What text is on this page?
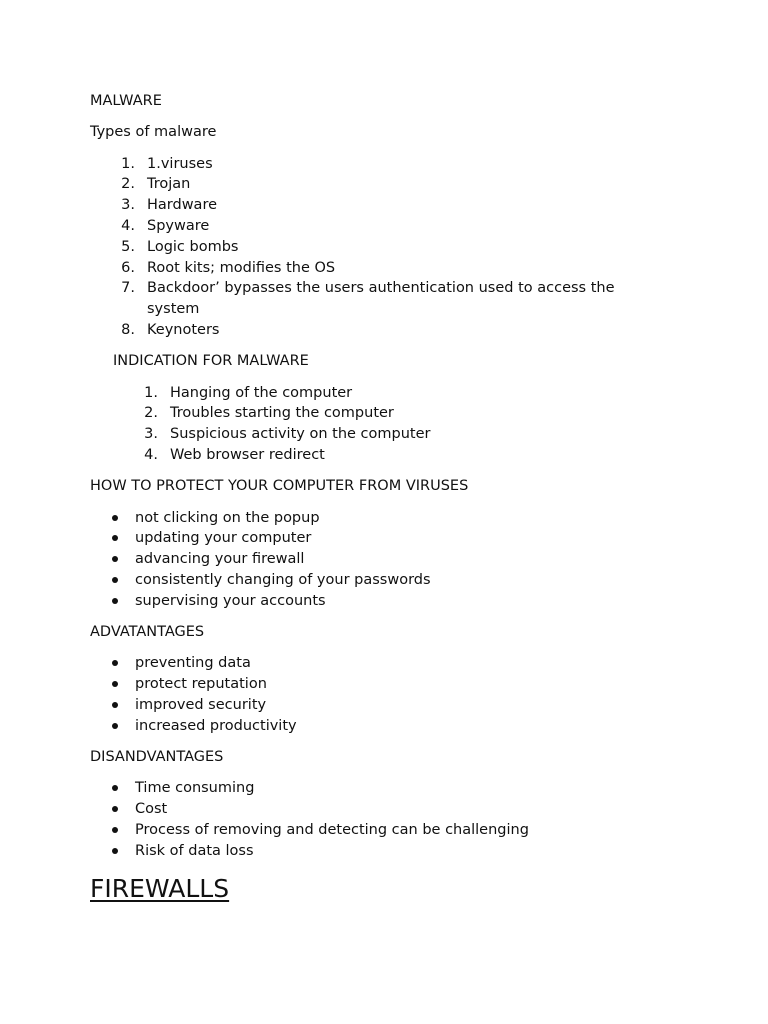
MALWARE

Types of malware

1. 1.viruses
2. Trojan
3. Hardware
4. Spyware
5. Logic bombs
6. Root kits; modifies the OS
7. Backdoor’ bypasses the users authentication used to access the system
8. Keynoters

INDICATION FOR MALWARE

1. Hanging of the computer
2. Troubles starting the computer
3. Suspicious activity on the computer
4. Web browser redirect

HOW TO PROTECT YOUR COMPUTER FROM VIRUSES

not clicking on the popup
updating your computer
advancing your firewall
consistently changing of your passwords
supervising your accounts

ADVATANTAGES

preventing data
protect reputation
improved security
increased productivity

DISANDVANTAGES

Time consuming
Cost
Process of removing and detecting can be challenging
Risk of data loss

FIREWALLS
